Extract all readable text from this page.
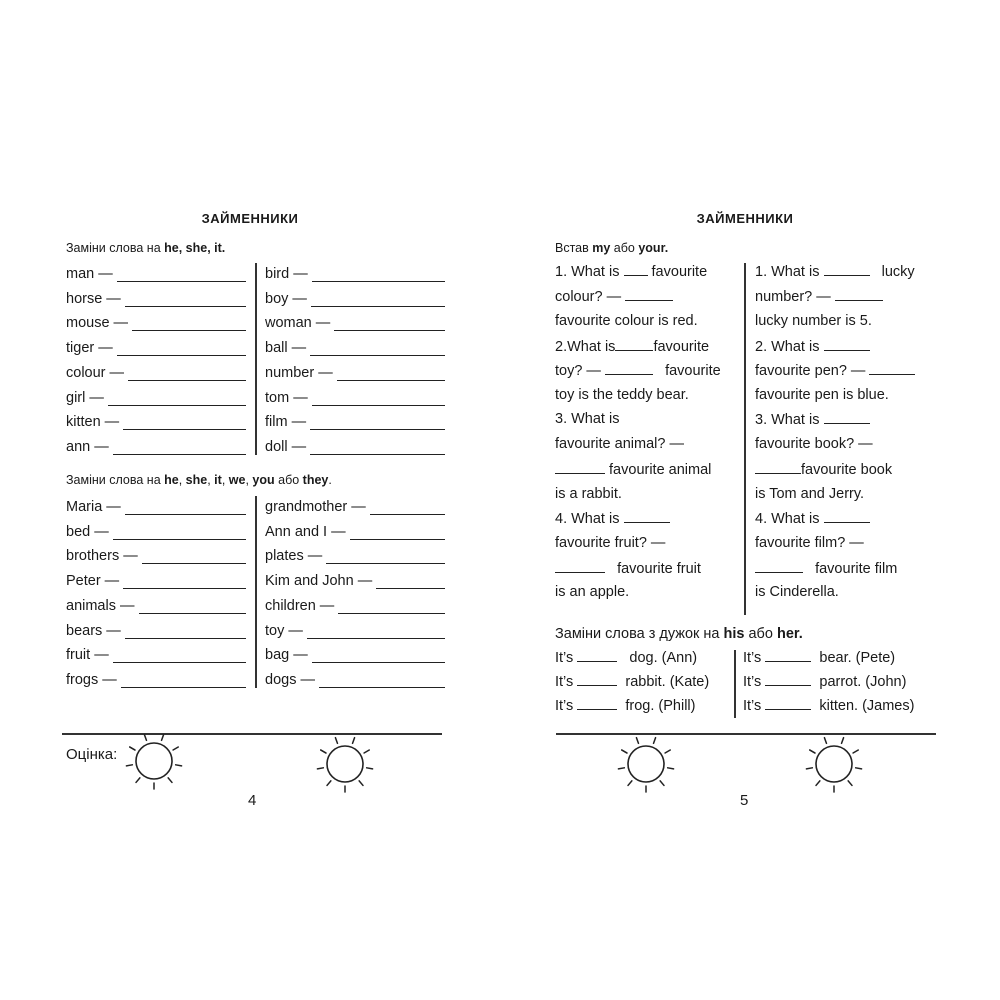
ЗАЙМЕННИКИ
Заміни слова на he, she, it.
man —
horse —
mouse —
tiger —
colour —
girl —
kitten —
ann —
bird —
boy —
woman —
ball —
number —
tom —
film —
doll —
Заміни слова на he, she, it, we, you або they.
Maria —
bed —
brothers —
Peter —
animals —
bears —
fruit —
frogs —
grandmother —
Ann and I —
plates —
Kim and John —
children —
toy —
bag —
dogs —
Оцінка:
4
ЗАЙМЕННИКИ
Встав my або your.
1. What is favourite
colour? —
favourite colour is red.
2.What is	favourite
toy? —	favourite
toy is the teddy bear.
3. What is
favourite animal? —
favourite animal
is a rabbit.
4. What is
favourite fruit? —
favourite fruit
is an apple.
1. What is	lucky
number? —
lucky number is 5.
2. What is
favourite pen? —
favourite pen is blue.
3. What is
favourite book? —
favourite book
is Tom and Jerry.
4. What is
favourite film? —
favourite film
is Cinderella.
Заміни слова з дужок на his або her.
It’s	dog. (Ann)
It’s	rabbit. (Kate)
It’s	frog. (Phill)
It’s	bear. (Pete)
It’s	parrot. (John)
It’s	kitten. (James)
5
